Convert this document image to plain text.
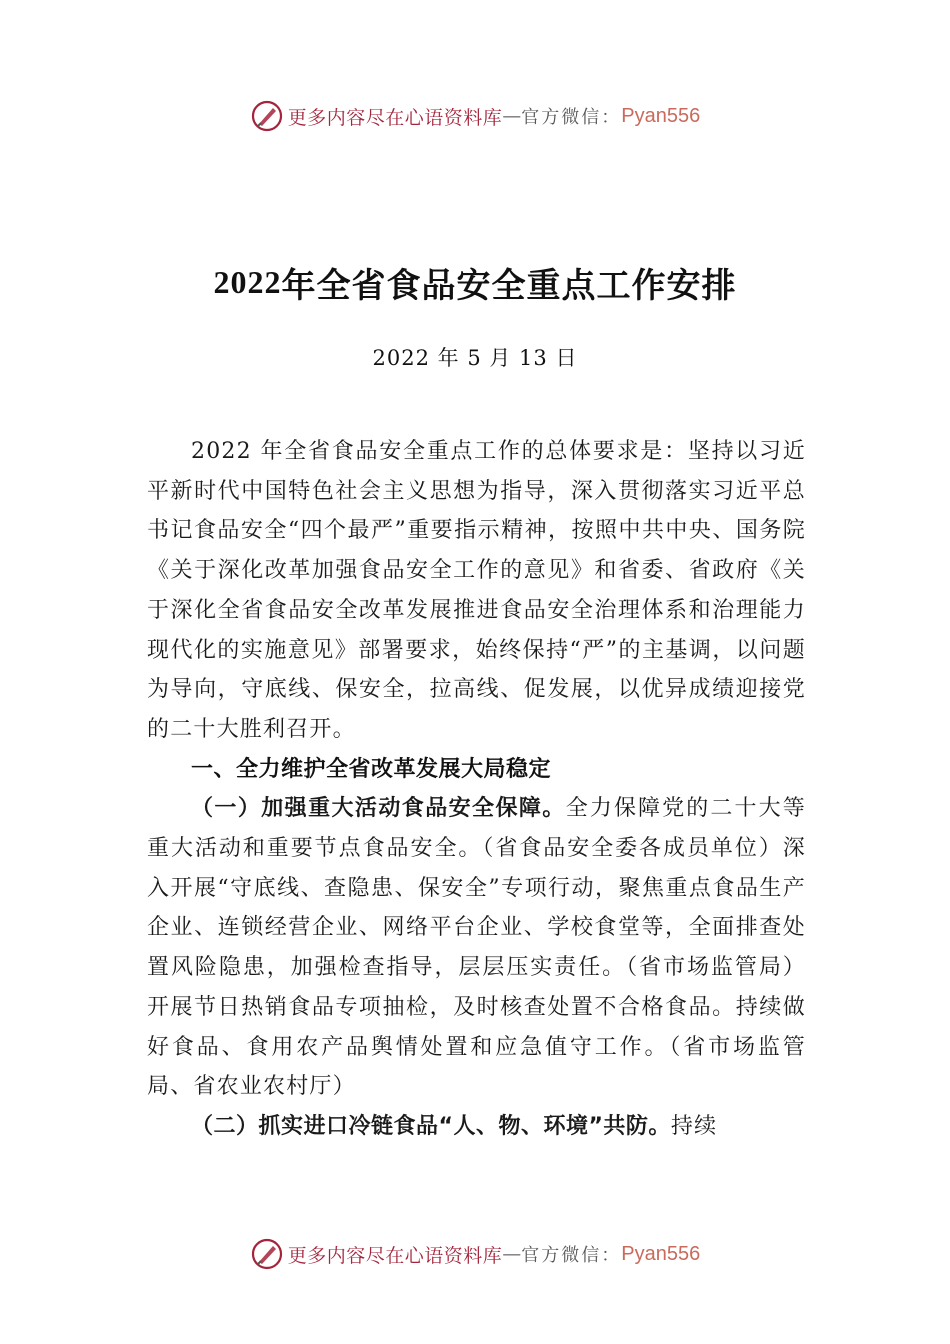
更多内容尽在心语资料库 — 官方微信： Pyan556
2022年全省食品安全重点工作安排
2022 年 5 月 13 日

2022 年全省食品安全重点工作的总体要求是：坚持以习近平新时代中国特色社会主义思想为指导，深入贯彻落实习近平总书记食品安全“四个最严”重要指示精神，按照中共中央、国务院《关于深化改革加强食品安全工作的意见》和省委、省政府《关于深化全省食品安全改革发展推进食品安全治理体系和治理能力现代化的实施意见》部署要求，始终保持“严”的主基调，以问题为导向，守底线、保安全，拉高线、促发展，以优异成绩迎接党的二十大胜利召开。

一、全力维护全省改革发展大局稳定

（一）加强重大活动食品安全保障。全力保障党的二十大等重大活动和重要节点食品安全。（省食品安全委各成员单位）深入开展“守底线、查隐患、保安全”专项行动，聚焦重点食品生产企业、连锁经营企业、网络平台企业、学校食堂等，全面排查处置风险隐患，加强检查指导，层层压实责任。（省市场监管局）开展节日热销食品专项抽检，及时核查处置不合格食品。持续做好食品、食用农产品舆情处置和应急值守工作。（省市场监管局、省农业农村厅）

（二）抓实进口冷链食品“人、物、环境”共防。持续

更多内容尽在心语资料库 — 官方微信： Pyan556
